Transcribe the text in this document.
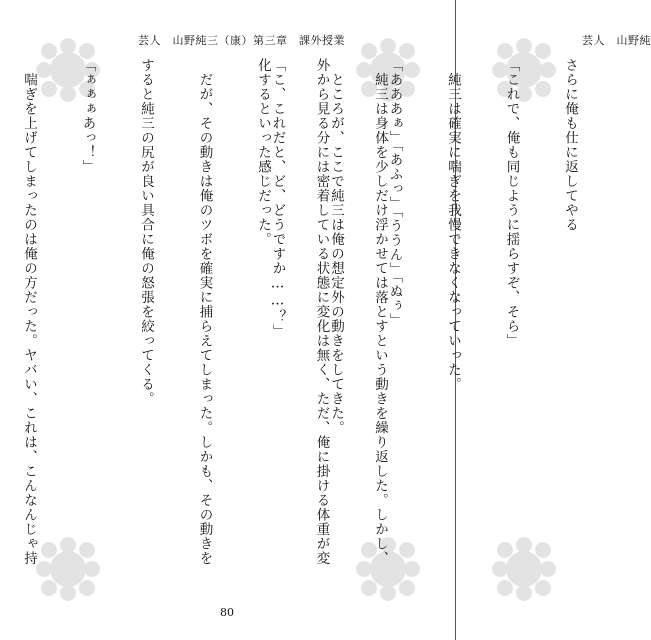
芸人　山野純三（康）第三章　課外授業

　純三は身体を少しだけ浮かせては落とすという動きを繰り返した。しかし、

外から見る分には密着している状態に変化は無く、ただ、俺に掛ける体重が変

化するといった感じだった。

　だが、その動きは俺のツボを確実に捕らえてしまった。しかも、その動きを

すると純三の尻が良い具合に俺の怒張を絞ってくる。

「ぁぁぁあっ！」

　喘ぎを上げてしまったのは俺の方だった。ヤバい、これは、こんなんじゃ持

80
芸人　山野純

さらに俺も仕に返してやる

「これで、俺も同じように揺らすぞ、そら」

　純三は確実に喘ぎを我慢できなくなっていった。

「あああぁ」「あふっ」「ううん」「ぬぅ」

　ところが、ここで純三は俺の想定外の動きをしてきた。

「こ、これだと、ど、どうですか……？」
